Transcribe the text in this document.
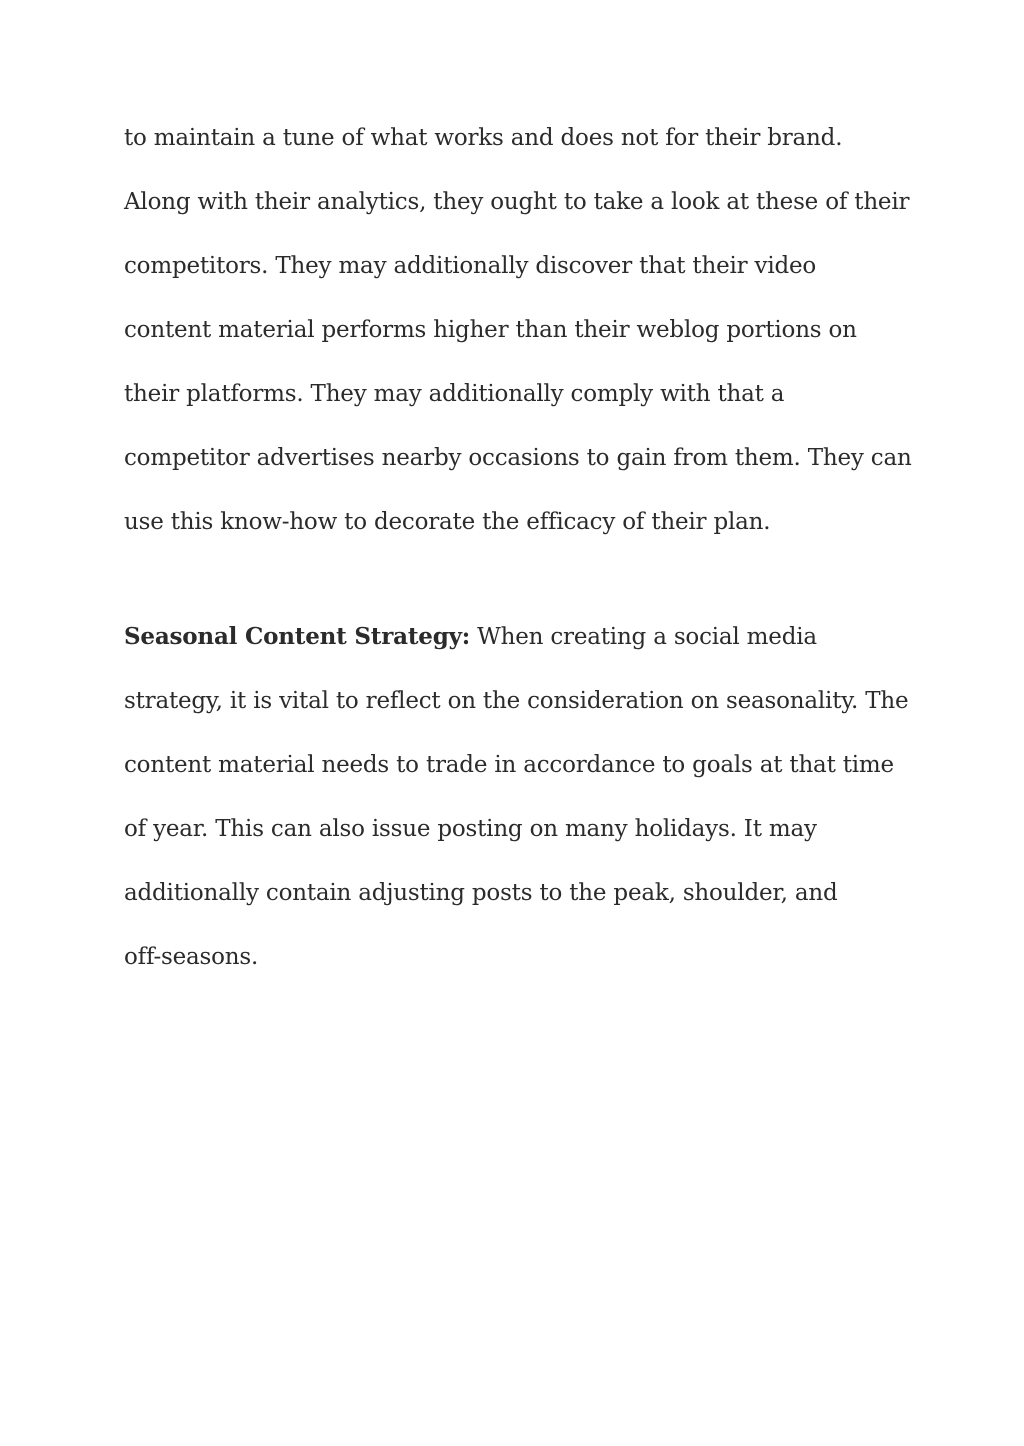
to maintain a tune of what works and does not for their brand.

Along with their analytics, they ought to take a look at these of their

competitors. They may additionally discover that their video

content material performs higher than their weblog portions on

their platforms. They may additionally comply with that a

competitor advertises nearby occasions to gain from them. They can

use this know-how to decorate the efficacy of their plan.

Seasonal Content Strategy: When creating a social media

strategy, it is vital to reflect on the consideration on seasonality. The

content material needs to trade in accordance to goals at that time

of year. This can also issue posting on many holidays. It may

additionally contain adjusting posts to the peak, shoulder, and

off-seasons.
